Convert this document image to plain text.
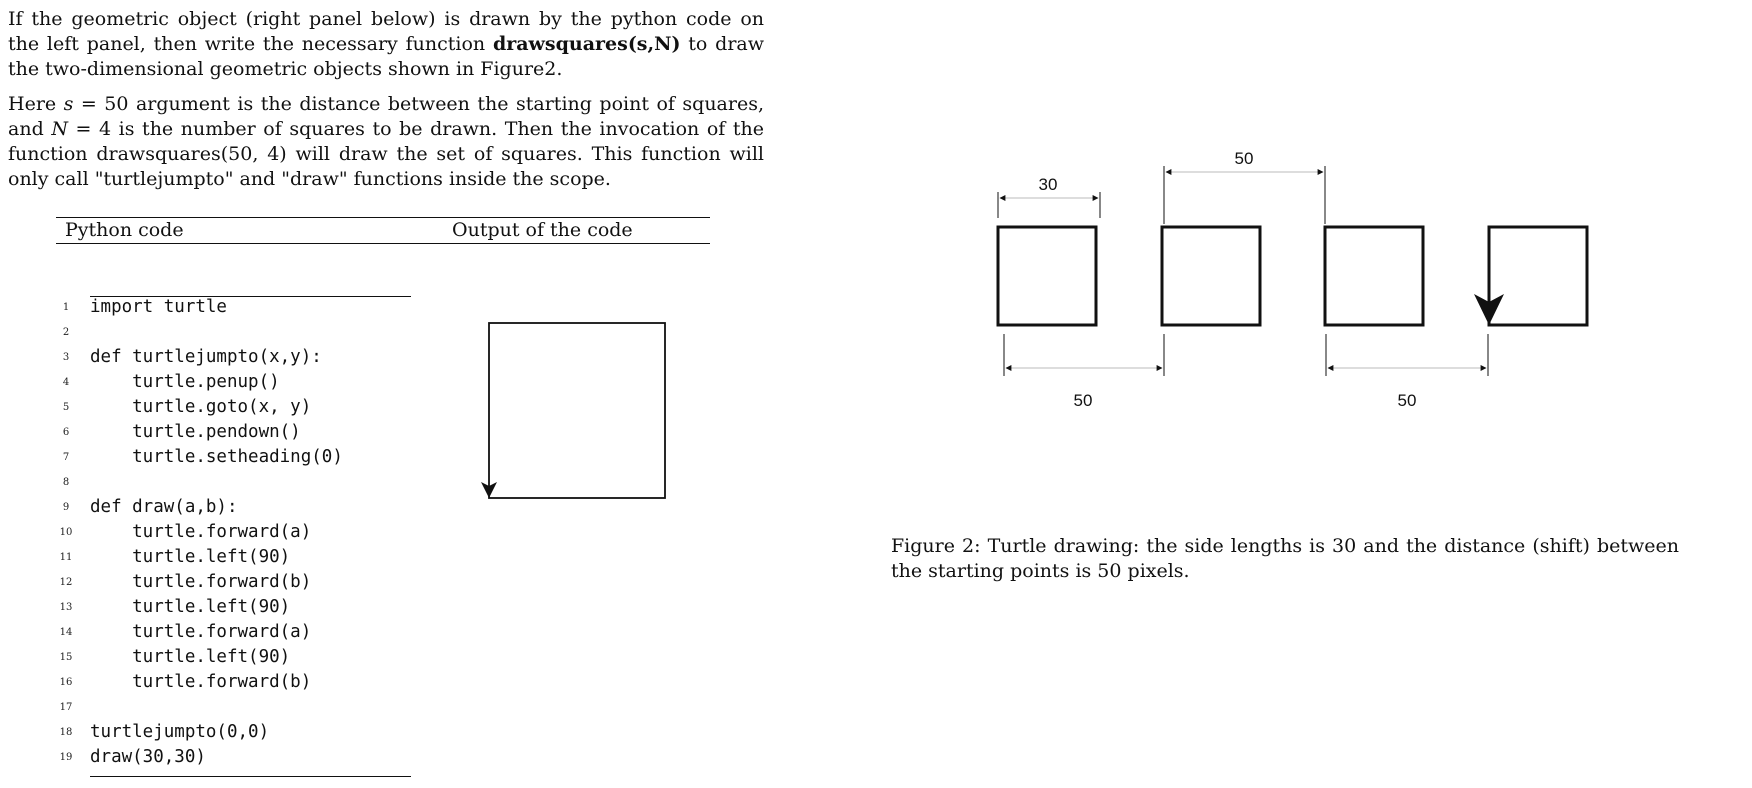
If the geometric object (right panel below) is drawn by the python code on the left panel, then write the necessary function drawsquares(s,N) to draw the two-dimensional geometric objects shown in Figure2.
Here s = 50 argument is the distance between the starting point of squares, and N = 4 is the number of squares to be drawn. Then the invocation of the function drawsquares(50, 4) will draw the set of squares. This function will only call "turtlejumpto" and "draw" functions inside the scope.
Python code	Output of the code
1	import turtle
2
3	def turtlejumpto(x,y):
4	turtle.penup()
5	turtle.goto(x, y)
6	turtle.pendown()
7	turtle.setheading(0)
8
9	def draw(a,b):
10 turtle.forward(a)
11 turtle.left(90)
12 turtle.forward(b)
13 turtle.left(90)
14 turtle.forward(a)
15 turtle.left(90)
16 turtle.forward(b)
17
18 turtlejumpto(0,0)
19 draw(30,30)
30
50
50	50
Figure 2: Turtle drawing: the side lengths is 30 and the distance (shift) between the starting points is 50 pixels.
